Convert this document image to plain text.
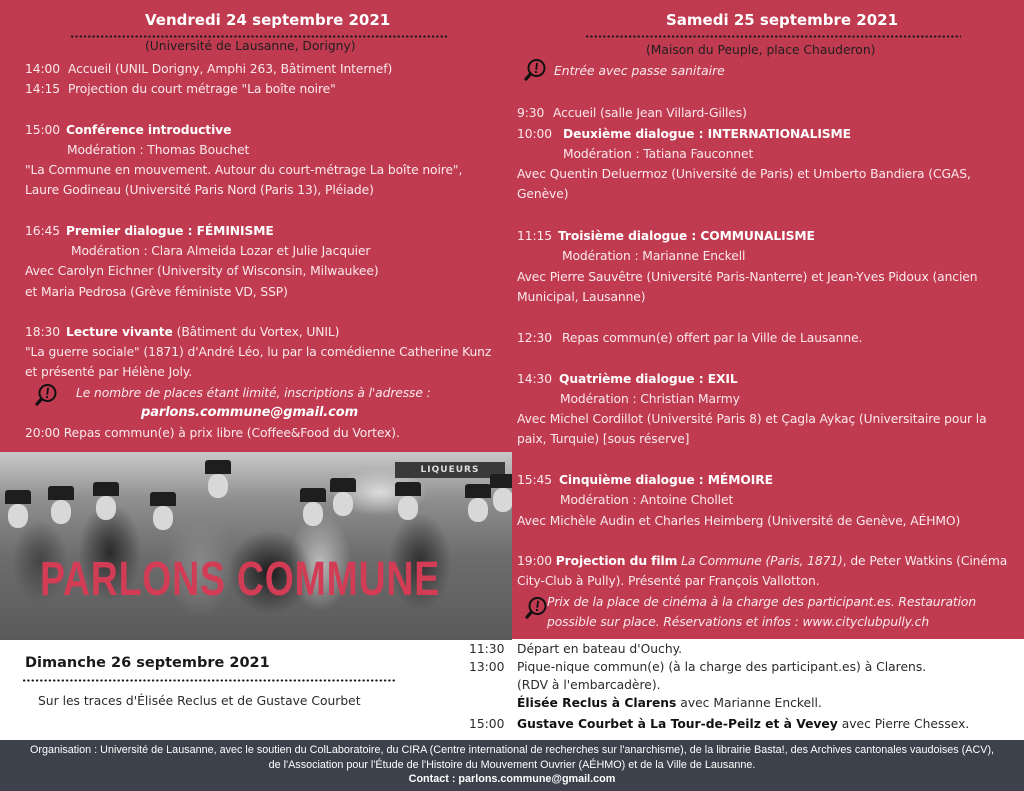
Vendredi 24 septembre 2021
(Université de Lausanne, Dorigny)
14:00 Accueil (UNIL Dorigny, Amphi 263, Bâtiment Internef)
14:15 Projection du court métrage "La boîte noire"
15:00 Conférence introductive
Modération : Thomas Bouchet
"La Commune en mouvement. Autour du court-métrage La boîte noire",
Laure Godineau (Université Paris Nord (Paris 13), Pléiade)
16:45 Premier dialogue : FÉMINISME
Modération : Clara Almeida Lozar et Julie Jacquier
Avec Carolyn Eichner (University of Wisconsin, Milwaukee)
et Maria Pedrosa (Grève féministe VD, SSP)
18:30 Lecture vivante (Bâtiment du Vortex, UNIL)
"La guerre sociale" (1871) d'André Léo, lu par la comédienne Catherine Kunz
et présenté par Hélène Joly.
Le nombre de places étant limité, inscriptions à l'adresse :
parlons.commune@gmail.com
20:00 Repas commun(e) à prix libre (Coffee&Food du Vortex).
Samedi 25 septembre 2021
(Maison du Peuple, place Chauderon)
Entrée avec passe sanitaire
9:30 Accueil (salle Jean Villard-Gilles)
10:00 Deuxième dialogue : INTERNATIONALISME
Modération : Tatiana Fauconnet
Avec Quentin Deluermoz (Université de Paris) et Umberto Bandiera (CGAS,
Genève)
11:15 Troisième dialogue : COMMUNALISME
Modération : Marianne Enckell
Avec Pierre Sauvêtre (Université Paris-Nanterre) et Jean-Yves Pidoux (ancien
Municipal, Lausanne)
12:30 Repas commun(e) offert par la Ville de Lausanne.
14:30 Quatrième dialogue : EXIL
Modération : Christian Marmy
Avec Michel Cordillot (Université Paris 8) et Çagla Aykaç (Universitaire pour la
paix, Turquie) [sous réserve]
15:45 Cinquième dialogue : MÉMOIRE
Modération : Antoine Chollet
Avec Michèle Audin et Charles Heimberg (Université de Genève, AÉHMO)
19:00 Projection du film La Commune (Paris, 1871), de Peter Watkins (Cinéma
City-Club à Pully). Présenté par François Vallotton.
Prix de la place de cinéma à la charge des participant.es. Restauration
possible sur place. Réservations et infos : www.cityclubpully.ch
LIQUEURS
PARLONS COMMUNE
Dimanche 26 septembre 2021
Sur les traces d'Élisée Reclus et de Gustave Courbet
11:30 Départ en bateau d'Ouchy.
13:00 Pique-nique commun(e) (à la charge des participant.es) à Clarens.
(RDV à l'embarcadère).
Élisée Reclus à Clarens avec Marianne Enckell.
15:00 Gustave Courbet à La Tour-de-Peilz et à Vevey avec Pierre Chessex.
Organisation : Université de Lausanne, avec le soutien du ColLaboratoire, du CIRA (Centre international de recherches sur l'anarchisme), de la librairie Basta!, des Archives cantonales vaudoises (ACV),
de l'Association pour l'Étude de l'Histoire du Mouvement Ouvrier (AÉHMO) et de la Ville de Lausanne.
Contact : parlons.commune@gmail.com
